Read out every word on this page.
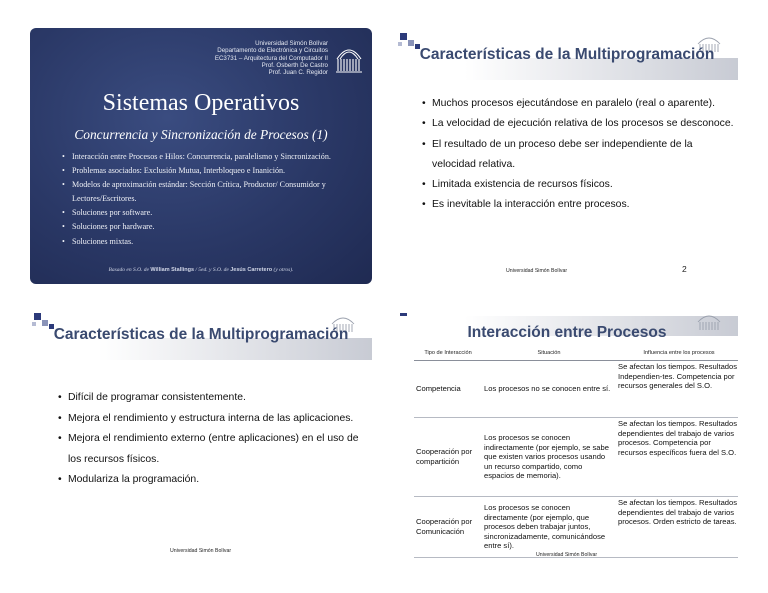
Universidad Simón Bolívar
Departamento de Electrónica y Circuitos
EC3731 – Arquitectura del Computador II
Prof. Osberth De Castro
Prof. Juan C. Regidor
Sistemas Operativos
Concurrencia y Sincronización de Procesos (1)
• Interacción entre Procesos e Hilos: Concurrencia, paralelismo y Sincronización.
• Problemas asociados: Exclusión Mutua, Interbloqueo e Inanición.
• Modelos de aproximación estándar: Sección Crítica, Productor/ Consumidor y Lectores/Escritores.
• Soluciones por software.
• Soluciones por hardware.
• Soluciones mixtas.
Basado en S.O. de William Stallings / 5ed. y S.O. de Jesús Carretero (y otros).
Características de la Multiprogramación
• Muchos procesos ejecutándose en paralelo (real o aparente).
• La velocidad de ejecución relativa de los procesos se desconoce.
• El resultado de un proceso debe ser independiente de la velocidad relativa.
• Limitada existencia de recursos físicos.
• Es inevitable la interacción entre procesos.
Universidad Simón Bolívar	2
Características de la Multiprogramación
• Difícil de programar consistentemente.
• Mejora el rendimiento y estructura interna de las aplicaciones.
• Mejora el rendimiento externo (entre aplicaciones) en el uso de los recursos físicos.
• Modulariza la programación.
Universidad Simón Bolívar
Interacción entre Procesos
Tipo de Interacción	Situación	Influencia entre los procesos
Competencia	Los procesos no se conocen entre sí.	Se afectan los tiempos. Resultados Independien-tes. Competencia por recursos generales del S.O.
Cooperación por compartición	Los procesos se conocen indirectamente (por ejemplo, se sabe que existen varios procesos usando un recurso compartido, como espacios de memoria).	Se afectan los tiempos. Resultados dependientes del trabajo de varios procesos. Competencia por recursos específicos fuera del S.O.
Cooperación por Comunicación	Los procesos se conocen directamente (por ejemplo, que procesos deben trabajar juntos, sincronizadamente, comunicándose entre sí).	Se afectan los tiempos. Resultados dependientes del trabajo de varios procesos. Orden estricto de tareas.
Universidad Simón Bolívar
